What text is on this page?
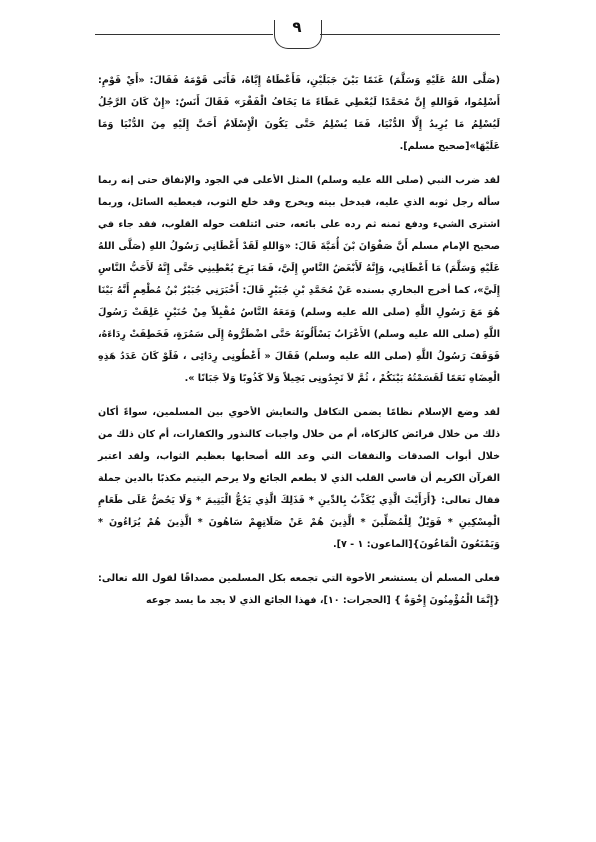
٩

(صَلَّى اللهُ عَلَيْهِ وَسَلَّمَ) غَنَمًا بَيْنَ جَبَلَيْنِ، فَأَعْطَاهُ إِيَّاهُ، فَأَتَى قَوْمَهُ فَقَالَ: «أَيْ قَوْمِ: أَسْلِمُوا، فَوَاللهِ إِنَّ مُحَمَّدًا لَيُعْطِي عَطَاءً مَا يَخَافُ الْفَقْرَ» فَقَالَ أَنَسٌ: «إِنْ كَانَ الرَّجُلُ لَيُسْلِمُ مَا يُرِيدُ إِلَّا الدُّنْيَا، فَمَا يُسْلِمُ حَتَّى يَكُونَ الْإِسْلَامُ أَحَبَّ إِلَيْهِ مِنَ الدُّنْيَا وَمَا عَلَيْهَا»[صحيح مسلم].

لقد ضرب النبي (صلى الله عليه وسلم) المثل الأعلى في الجود والإنفاق حتى إنه ربما سأله رجل ثوبه الذي عليه، فيدخل بيته ويخرج وقد خلع الثوب، فيعطيه السائل، وربما اشترى الشيء ودفع ثمنه ثم رده على بائعه، حتى ائتلفت حوله القلوب، فقد جاء في صحيح الإمام مسلم أَنَّ صَفْوَانَ بْنَ أُمَيَّةَ قَالَ: «وَاللهِ لَقَدْ أَعْطَانِي رَسُولُ اللهِ (صَلَّى اللهُ عَلَيْهِ وَسَلَّمَ) مَا أَعْطَانِي، وَإِنَّهُ لَأَبْغَضُ النَّاسِ إِلَيَّ، فَمَا بَرِحَ يُعْطِينِي حَتَّى إِنَّهُ لَأَحَبُّ النَّاسِ إِلَيَّ»، كما أخرج البخاري بسنده عَنْ مُحَمَّدِ بْنِ جُبَيْرٍ قَالَ: أَخْبَرَنِي جُبَيْرُ بْنُ مُطْعِمٍ أَنَّهُ بَيْنَا هُوَ مَعَ رَسُولِ اللَّهِ (صلى الله عليه وسلم) وَمَعَهُ النَّاسُ مُقْبِلاً مِنْ حُنَيْنٍ عَلِقَتْ رَسُولَ اللَّهِ (صلى الله عليه وسلم) الأَعْرَابُ يَسْأَلُونَهُ حَتَّى اضْطَرُّوهُ إِلَى سَمُرَةٍ، فَخَطِفَتْ رِدَاءَهُ، فَوَقَفَ رَسُولُ اللَّهِ (صلى الله عليه وسلم) فَقَالَ « أَعْطُونِى رِدَائِى ، فَلَوْ كَانَ عَدَدُ هَذِهِ الْعِضَاهِ نَعَمًا لَقَسَمْتُهُ بَيْنَكُمْ ، ثُمَّ لاَ تَجِدُونِى بَخِيلاً وَلاَ كَذُوبًا وَلاَ جَبَانًا ».

لقد وضع الإسلام نظامًا يضمن التكافل والتعايش الأخوي بين المسلمين، سواءً أكان ذلك من خلال فرائض كالزكاة، أم من خلال واجبات كالنذور والكفارات، أم كان ذلك من خلال أبواب الصدقات والنفقات التي وعد الله أصحابها بعظيم الثواب، ولقد اعتبر القرآن الكريم أن قاسي القلب الذي لا يطعم الجائع ولا يرحم اليتيم مكذبًا بالدين جملة فقال تعالى: {أَرَأَيْتَ الَّذِي يُكَذِّبُ بِالدِّينِ * فَذَلِكَ الَّذِي يَدُعُّ الْيَتِيمَ * وَلَا يَحُضُّ عَلَى طَعَامِ الْمِسْكِينِ * فَوَيْلٌ لِلْمُصَلِّينَ * الَّذِينَ هُمْ عَنْ صَلَاتِهِمْ سَاهُونَ * الَّذِينَ هُمْ يُرَاءُونَ * وَيَمْنَعُونَ الْمَاعُونَ}[الماعون: ١ - ٧].

فعلى المسلم أن يستشعر الأخوة التي تجمعه بكل المسلمين مصداقًا لقول الله تعالى: {إِنَّمَا الْمُؤْمِنُونَ إِخْوَةٌ } [الحجرات: ١٠]، فهذا الجائع الذي لا يجد ما يسد جوعه
